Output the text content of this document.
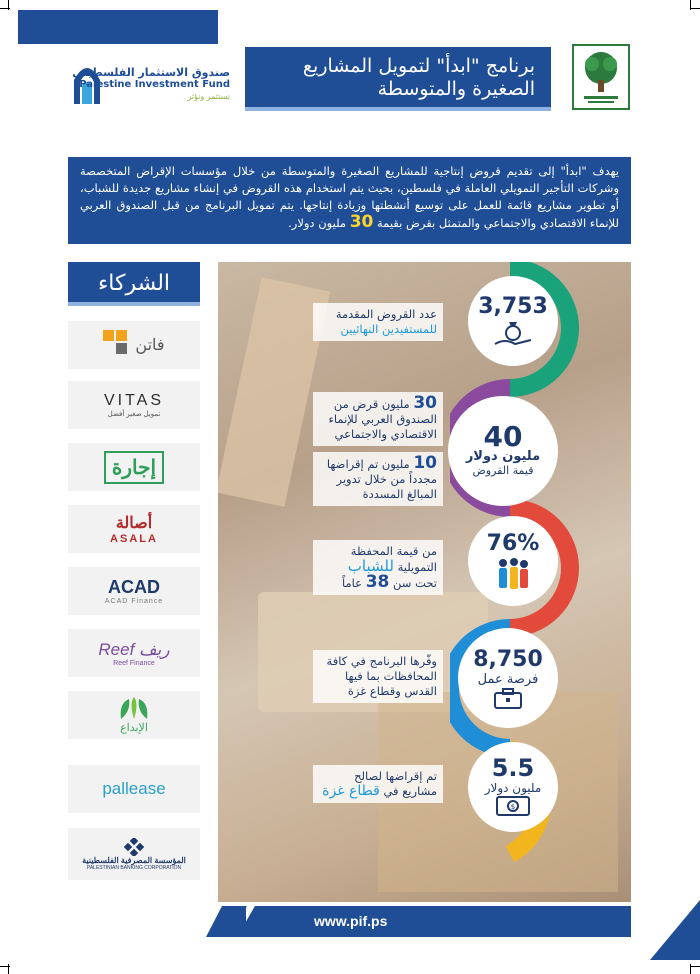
صندوق الاستثمار الفلسطيني
Palestine Investment Fund
نستثمر ونؤثر
برنامج "ابدأ" لتمويل المشاريع
الصغيرة والمتوسطة
يهدف "ابدأ" إلى تقديم قروض إنتاجية للمشاريع الصغيرة والمتوسطة من خلال مؤسسات الإقراض المتخصصة وشركات التأجير التمويلي العاملة في فلسطين، بحيث يتم استخدام هذه القروض في إنشاء مشاريع جديدة للشباب، أو تطوير مشاريع قائمة للعمل على توسيع أنشطتها وزيادة إنتاجها. يتم تمويل البرنامج من قبل الصندوق العربي للإنماء الاقتصادي والاجتماعي والمتمثل بقرض بقيمة 30 مليون دولار.
الشركاء
فاتن
VITAS
تمويل صغير أفضل
إجارة
أصالة
ASALA
ACAD
ACAD Finance
Reef ريف
Reef Finance
الإبداع
pallease
المؤسسة المصرفية الفلسطينية
PALESTINIAN BANKING CORPORATION
3,753
عدد القروض المقدمة
للمستفيدين النهائيين
40
مليون دولار
قيمة القروض
30 مليون قرض من الصندوق العربي للإنماء الاقتصادي والاجتماعي
10 مليون تم إقراضها مجدداً من خلال تدوير المبالغ المسددة
76%
من قيمة المحفظة التمويلية للشباب
تحت سن 38 عاماً
8,750
فرصة عمل
وفّرها البرنامج في كافة المحافظات بما فيها القدس وقطاع غزة
5.5
مليون دولار
$
تم إقراضها لصالح مشاريع في قطاع غزة
www.pif.ps
